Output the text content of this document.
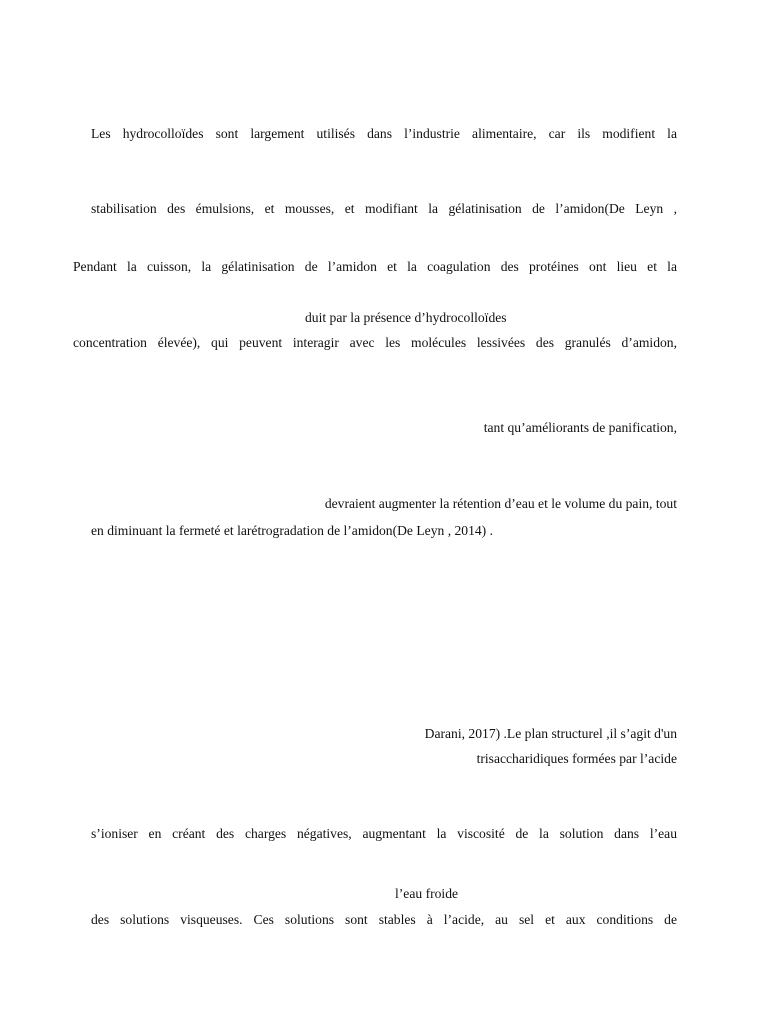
Les hydrocolloïdes sont largement utilisés dans l’industrie alimentaire, car ils modifient la
stabilisation des émulsions, et mousses, et modifiant la gélatinisation de l’amidon(De Leyn ,
Pendant la cuisson, la gélatinisation de l’amidon et la coagulation des protéines ont lieu et la
duit par la présence d’hydrocolloïdes
concentration élevée), qui peuvent interagir avec les molécules lessivées des granulés d’amidon,
tant qu’améliorants de panification,
devraient augmenter la rétention d’eau et le volume du pain, tout
en diminuant la fermeté et larétrogradation de l’amidon(De Leyn , 2014) .
Darani, 2017) .Le plan structurel ,il s’agit d'un
trisaccharidiques formées par l’acide
s’ioniser en créant des charges négatives, augmentant la viscosité de la solution dans l’eau
l’eau froide
des solutions visqueuses. Ces solutions sont stables à l’acide, au sel et aux conditions de
